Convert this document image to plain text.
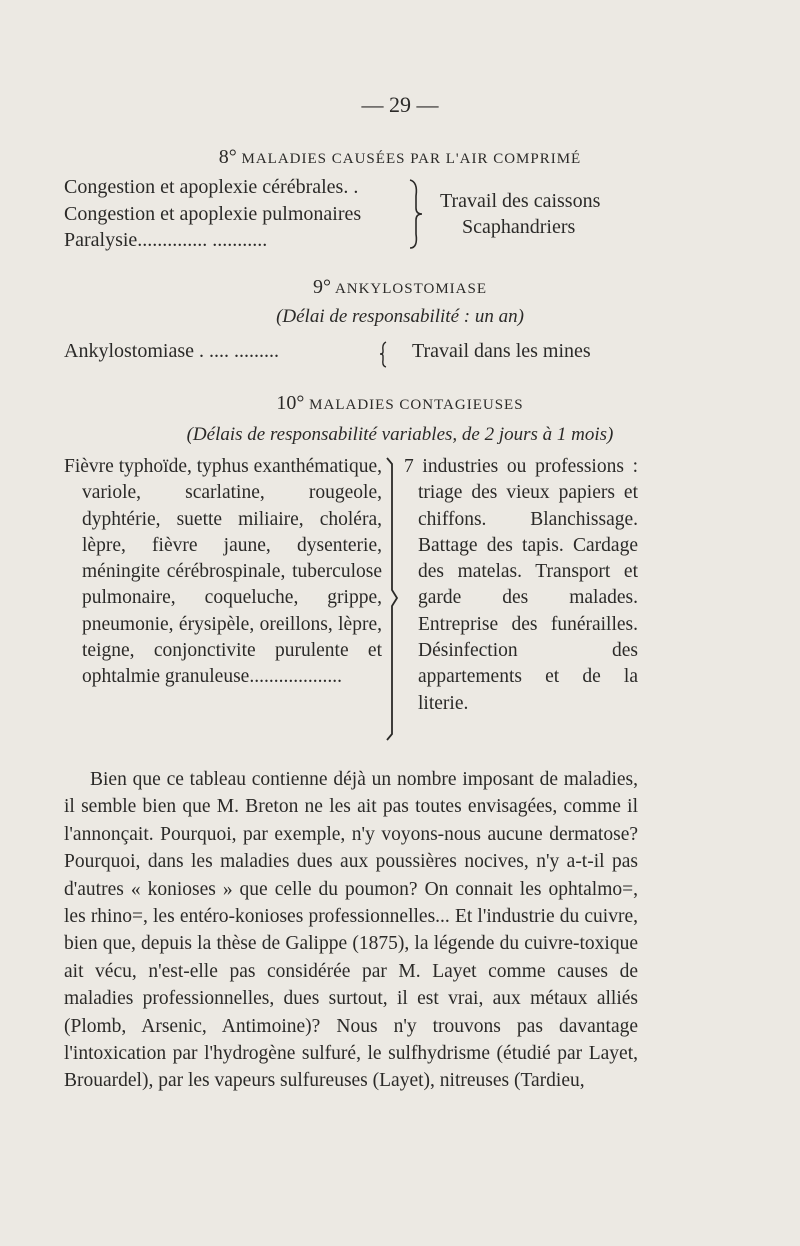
— 29 —
8° MALADIES CAUSÉES PAR L'AIR COMPRIMÉ
Congestion et apoplexie cérébrales. .
Congestion et apoplexie pulmonaires
Paralysie.............. ...........
Travail des caissons
Scaphandriers
9° ANKYLOSTOMIASE
(Délai de responsabilité : un an)
Ankylostomiase . .... .........	Travail dans les mines
10° MALADIES CONTAGIEUSES
(Délais de responsabilité variables, de 2 jours à 1 mois)

Fièvre typhoïde, typhus exanthématique, variole, scarlatine, rougeole, dyphtérie, suette miliaire, choléra, lèpre, fièvre jaune, dysenterie, méningite cérébrospinale, tuberculose pulmonaire, coqueluche, grippe, pneumonie, érysipèle, oreillons, lèpre, teigne, conjonctivite purulente et ophtalmie granuleuse...................

7 industries ou professions : triage des vieux papiers et chiffons. Blanchissage. Battage des tapis. Cardage des matelas. Transport et garde des malades. Entreprise des funérailles. Désinfection des appartements et de la literie.

Bien que ce tableau contienne déjà un nombre imposant de maladies, il semble bien que M. Breton ne les ait pas toutes envisagées, comme il l'annonçait. Pourquoi, par exemple, n'y voyons-nous aucune dermatose? Pourquoi, dans les maladies dues aux poussières nocives, n'y a-t-il pas d'autres « konioses » que celle du poumon? On connait les ophtalmo=, les rhino=, les entéro-konioses professionnelles... Et l'industrie du cuivre, bien que, depuis la thèse de Galippe (1875), la légende du cuivre-toxique ait vécu, n'est-elle pas considérée par M. Layet comme causes de maladies professionnelles, dues surtout, il est vrai, aux métaux alliés (Plomb, Arsenic, Antimoine)? Nous n'y trouvons pas davantage l'intoxication par l'hydrogène sulfuré, le sulfhydrisme (étudié par Layet, Brouardel), par les vapeurs sulfureuses (Layet), nitreuses (Tardieu,
